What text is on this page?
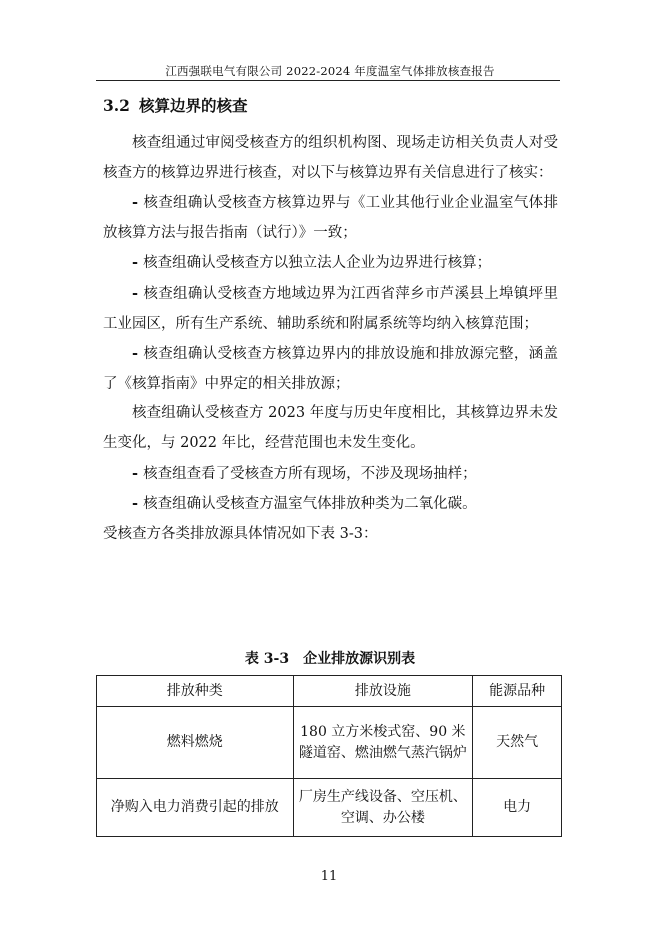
江西强联电气有限公司 2022-2024 年度温室气体排放核查报告
3.2 核算边界的核查

核查组通过审阅受核查方的组织机构图、现场走访相关负责人对受核查方的核算边界进行核查，对以下与核算边界有关信息进行了核实：

- 核查组确认受核查方核算边界与《工业其他行业企业温室气体排放核算方法与报告指南（试行）》一致；

- 核查组确认受核查方以独立法人企业为边界进行核算；

- 核查组确认受核查方地域边界为江西省萍乡市芦溪县上埠镇坪里工业园区，所有生产系统、辅助系统和附属系统等均纳入核算范围；

- 核查组确认受核查方核算边界内的排放设施和排放源完整，涵盖了《核算指南》中界定的相关排放源；

核查组确认受核查方 2023 年度与历史年度相比，其核算边界未发生变化，与 2022 年比，经营范围也未发生变化。

- 核查组查看了受核查方所有现场，不涉及现场抽样；

- 核查组确认受核查方温室气体排放种类为二氧化碳。

受核查方各类排放源具体情况如下表 3-3：

表 3-3　企业排放源识别表
排放种类	排放设施	能源品种
燃料燃烧	180 立方米梭式窑、90 米隧道窑、燃油燃气蒸汽锅炉	天然气
净购入电力消费引起的排放	厂房生产线设备、空压机、空调、办公楼	电力
11
